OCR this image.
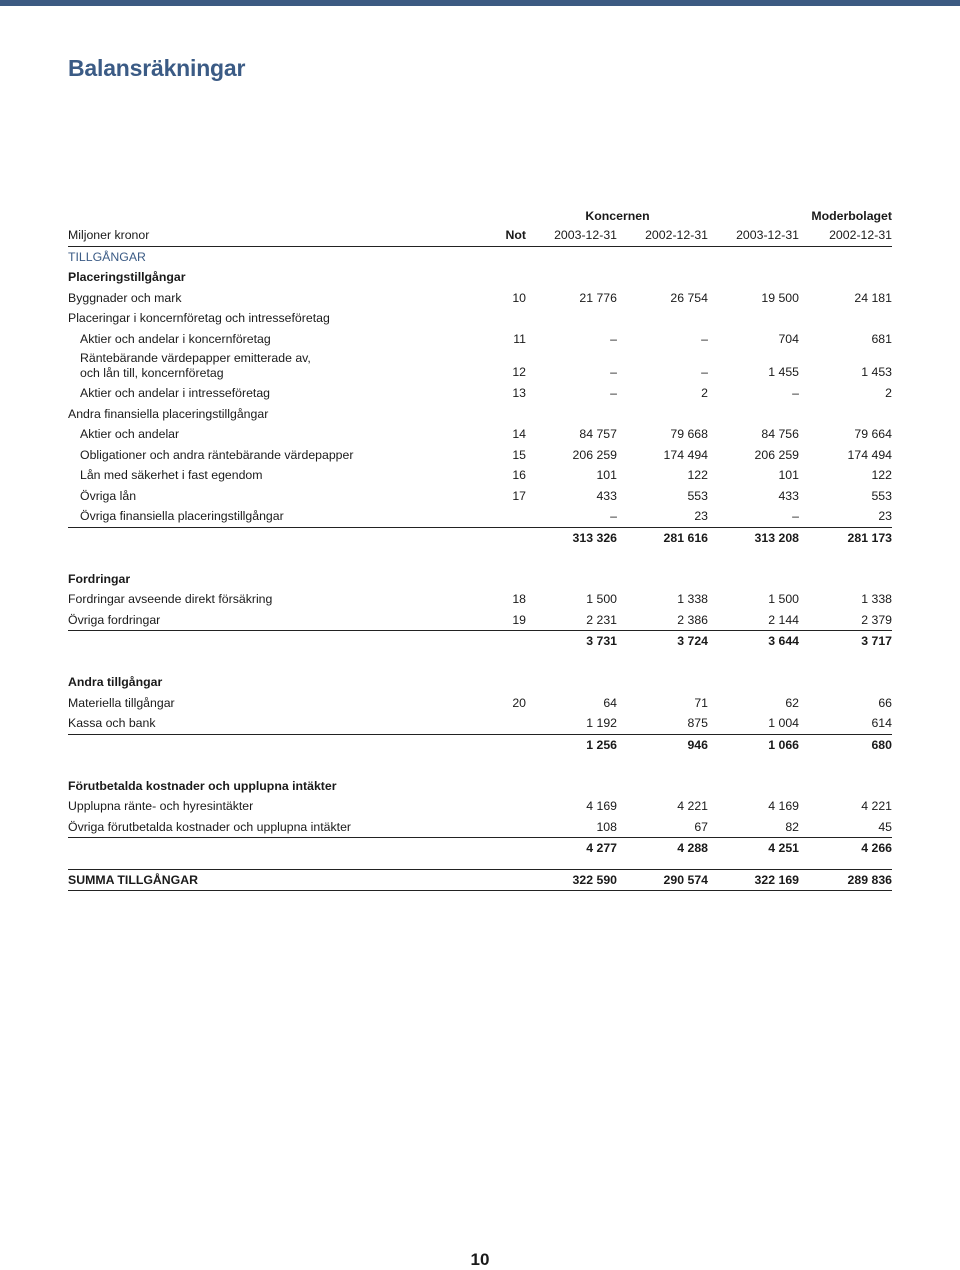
Balansräkningar
Koncernen	Moderbolaget
Miljoner kronor	Not	2003-12-31	2002-12-31	2003-12-31	2002-12-31
TILLGÅNGAR
Placeringstillgångar
Byggnader och mark	10	21 776	26 754	19 500	24 181
Placeringar i koncernföretag och intresseföretag
Aktier och andelar i koncernföretag	11	–	–	704	681
Räntebärande värdepapper emitterade av,
och lån till, koncernföretag	12	–	–	1 455	1 453
Aktier och andelar i intresseföretag	13	–	2	–	2
Andra finansiella placeringstillgångar
Aktier och andelar	14	84 757	79 668	84 756	79 664
Obligationer och andra räntebärande värdepapper	15	206 259	174 494	206 259	174 494
Lån med säkerhet i fast egendom	16	101	122	101	122
Övriga lån	17	433	553	433	553
Övriga finansiella placeringstillgångar	–	23	–	23
313 326	281 616	313 208	281 173
Fordringar
Fordringar avseende direkt försäkring	18	1 500	1 338	1 500	1 338
Övriga fordringar	19	2 231	2 386	2 144	2 379
3 731	3 724	3 644	3 717
Andra tillgångar
Materiella tillgångar	20	64	71	62	66
Kassa och bank	1 192	875	1 004	614
1 256	946	1 066	680
Förutbetalda kostnader och upplupna intäkter
Upplupna ränte- och hyresintäkter	4 169	4 221	4 169	4 221
Övriga förutbetalda kostnader och upplupna intäkter	108	67	82	45
4 277	4 288	4 251	4 266
SUMMA TILLGÅNGAR	322 590	290 574	322 169	289 836
10
